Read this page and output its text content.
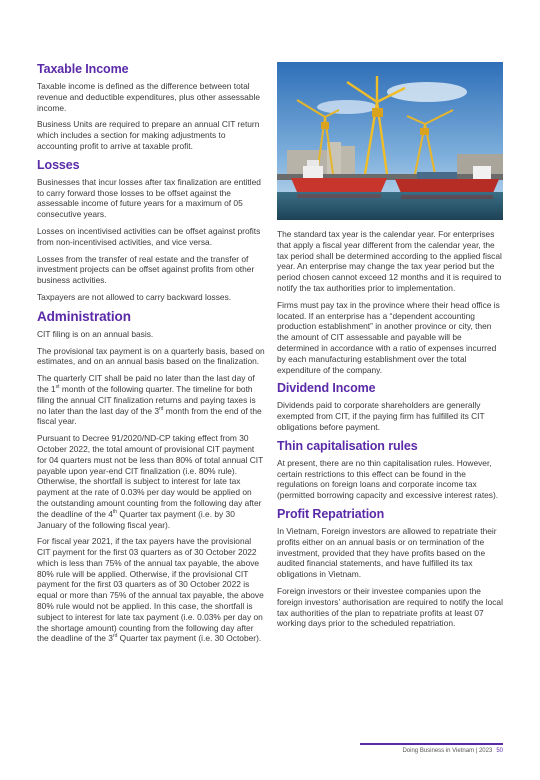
Taxable Income

Taxable income is defined as the difference between total revenue and deductible expenditures, plus other assessable income.

Business Units are required to prepare an annual CIT return which includes a section for making adjustments to accounting profit to arrive at taxable profit.

Losses

Businesses that incur losses after tax finalization are entitled to carry forward those losses to be offset against the assessable income of future years for a maximum of 05 consecutive years.

Losses on incentivised activities can be offset against profits from non-incentivised activities, and vice versa.

Losses from the transfer of real estate and the transfer of investment projects can be offset against profits from other business activities.

Taxpayers are not allowed to carry backward losses.

Administration

CIT filing is on an annual basis.

The provisional tax payment is on a quarterly basis, based on estimates, and on an annual basis based on the finalization.

The quarterly CIT shall be paid no later than the last day of the 1st month of the following quarter. The timeline for both filing the annual CIT finalization returns and paying taxes is no later than the last day of the 3rd month from the end of the fiscal year.

Pursuant to Decree 91/2020/ND-CP taking effect from 30 October 2022, the total amount of provisional CIT payment for 04 quarters must not be less than 80% of total annual CIT payable upon year-end CIT finalization (i.e. 80% rule). Otherwise, the shortfall is subject to interest for late tax payment at the rate of 0.03% per day would be applied on the outstanding amount counting from the following day after the deadline of the 4th Quarter tax payment (i.e. by 30 January of the following fiscal year).

For fiscal year 2021, if the tax payers have the provisional CIT payment for the first 03 quarters as of 30 October 2022 which is less than 75% of the annual tax payable, the above 80% rule will be applied. Otherwise, if the provisional CIT payment for the first 03 quarters as of 30 October 2022 is equal or more than 75% of the annual tax payable, the above 80% rule would not be applied. In this case, the shortfall is subject to interest for late tax payment (i.e. 0.03% per day on the shortage amount) counting from the following day after the deadline of the 3rd Quarter tax payment (i.e. 30 October).

The standard tax year is the calendar year. For enterprises that apply a fiscal year different from the calendar year, the tax period shall be determined according to the applied fiscal year. An enterprise may change the tax year period but the period chosen cannot exceed 12 months and it is required to notify the tax authorities prior to implementation.

Firms must pay tax in the province where their head office is located. If an enterprise has a “dependent accounting production establishment” in another province or city, then the amount of CIT assessable and payable will be determined in accordance with a ratio of expenses incurred by each manufacturing establishment over the total expenditure of the company.

Dividend Income

Dividends paid to corporate shareholders are generally exempted from CIT, if the paying firm has fulfilled its CIT obligations before payment.

Thin capitalisation rules

At present, there are no thin capitalisation rules. However, certain restrictions to this effect can be found in the regulations on foreign loans and corporate income tax (permitted borrowing capacity and excessive interest rates).

Profit Repatriation

In Vietnam, Foreign investors are allowed to repatriate their profits either on an annual basis or on termination of the investment, provided that they have profits based on the audited financial statements, and have fulfilled its tax obligations in Vietnam.

Foreign investors or their investee companies upon the foreign investors’ authorisation are required to notify the local tax authorities of the plan to repatriate profits at least 07 working days prior to the scheduled repatriation.

Doing Business in Vietnam | 2023 50
